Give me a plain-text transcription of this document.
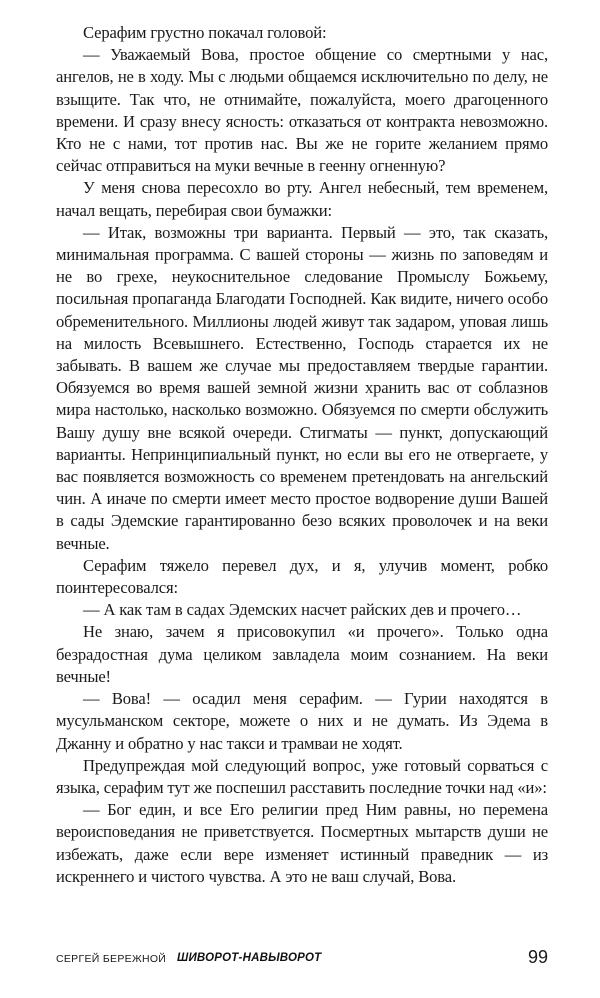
Серафим грустно покачал головой:

— Уважаемый Вова, простое общение со смертными у нас, ангелов, не в ходу. Мы с людьми общаемся исключительно по делу, не взыщите. Так что, не отнимайте, пожалуйста, моего драгоценного времени. И сразу внесу ясность: отказаться от контракта невозможно. Кто не с нами, тот против нас. Вы же не горите желанием прямо сейчас отправиться на муки вечные в геенну огненную?

У меня снова пересохло во рту. Ангел небесный, тем временем, начал вещать, перебирая свои бумажки:

— Итак, возможны три варианта. Первый — это, так сказать, минимальная программа. С вашей стороны — жизнь по заповедям и не во грехе, неукоснительное следование Промыслу Божьему, посильная пропаганда Благодати Господней. Как видите, ничего особо обременительного. Миллионы людей живут так задаром, уповая лишь на милость Всевышнего. Естественно, Господь старается их не забывать. В вашем же случае мы предоставляем твердые гарантии. Обязуемся во время вашей земной жизни хранить вас от соблазнов мира настолько, насколько возможно. Обязуемся по смерти обслужить Вашу душу вне всякой очереди. Стигматы — пункт, допускающий варианты. Непринципиальный пункт, но если вы его не отвергаете, у вас появляется возможность со временем претендовать на ангельский чин. А иначе по смерти имеет место простое водворение души Вашей в сады Эдемские гарантированно безо всяких проволочек и на веки вечные.

Серафим тяжело перевел дух, и я, улучив момент, робко поинтересовался:

— А как там в садах Эдемских насчет райских дев и прочего…

Не знаю, зачем я присовокупил «и прочего». Только одна безрадостная дума целиком завладела моим сознанием. На веки вечные!

— Вова! — осадил меня серафим. — Гурии находятся в мусульманском секторе, можете о них и не думать. Из Эдема в Джанну и обратно у нас такси и трамваи не ходят.

Предупреждая мой следующий вопрос, уже готовый сорваться с языка, серафим тут же поспешил расставить последние точки над «и»:

— Бог един, и все Его религии пред Ним равны, но перемена вероисповедания не приветствуется. Посмертных мытарств души не избежать, даже если вере изменяет истинный праведник — из искреннего и чистого чувства. А это не ваш случай, Вова.

СЕРГЕЙ БЕРЕЖНОЙ ШИВОРОТ-НАВЫВОРОТ	99
